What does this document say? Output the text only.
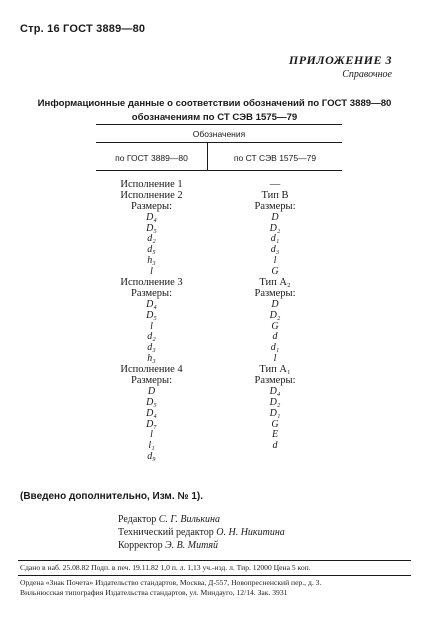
Стр. 16 ГОСТ 3889—80
ПРИЛОЖЕНИЕ 3
Справочное
Информационные данные о соответствии обозначений по ГОСТ 3889—80
обозначениям по СТ СЭВ 1575—79
Обозначения
по ГОСТ 3889—80	по СТ СЭВ 1575—79
Исполнение 1
Исполнение 2
Размеры:
D₄
D₅
d₂
d₅
h₃
l
Исполнение 3
Размеры:
D₄
D₅
l
d₂
d₃
h₃
Исполнение 4
Размеры:
D
D₅
D₄
D₇
l
l₁
d₉
—
Тип B
Размеры:
D
D₂
d₁
d₃
l
G
Тип A₂
Размеры:
D
D₂
G
d
d₁
l
Тип A₁
Размеры:
D₄
D₂
D₁
G
E
d
(Введено дополнительно, Изм. № 1).
Редактор С. Г. Вилькина
Технический редактор О. Н. Никитина
Корректор Э. В. Митяй
Сдано в наб. 25.08.82 Подп. в печ. 19.11.82 1,0 п. л. 1,13 уч.-изд. л. Тир. 12000 Цена 5 коп.
Ордена «Знак Почета» Издательство стандартов, Москва, Д-557, Новопресненский пер., д. 3.
Вильнюсская типография Издательства стандартов, ул. Миндауго, 12/14. Зак. 3931
